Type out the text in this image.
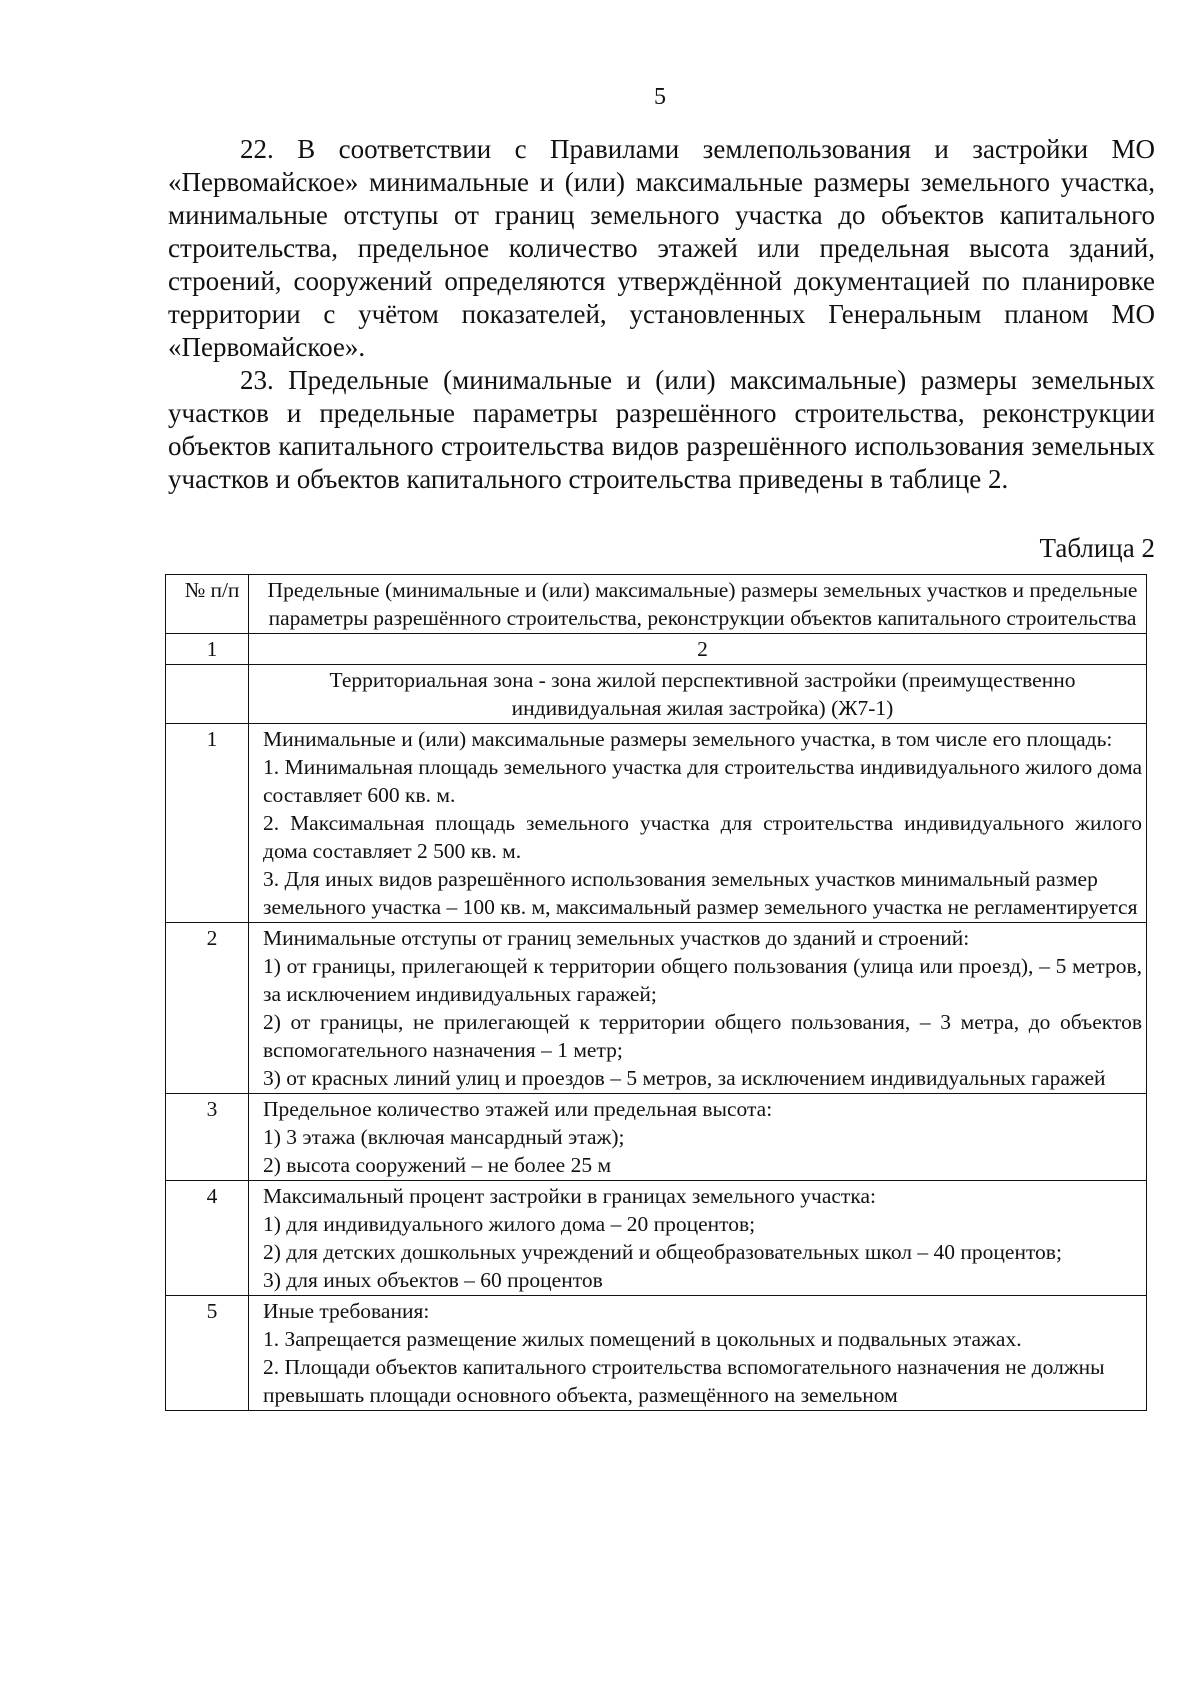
5

22. В соответствии с Правилами землепользования и застройки МО «Первомайское» минимальные и (или) максимальные размеры земельного участка, минимальные отступы от границ земельного участка до объектов капитального строительства, предельное количество этажей или предельная высота зданий, строений, сооружений определяются утверждённой документацией по планировке территории с учётом показателей, установленных Генеральным планом МО «Первомайское».

23. Предельные (минимальные и (или) максимальные) размеры земельных участков и предельные параметры разрешённого строительства, реконструкции объектов капитального строительства видов разрешённого использования земельных участков и объектов капитального строительства приведены в таблице 2.

Таблица 2
№ п/п	Предельные (минимальные и (или) максимальные) размеры земельных участков и предельные параметры разрешённого строительства, реконструкции объектов капитального строительства
1	2
	Территориальная зона - зона жилой перспективной застройки (преимущественно индивидуальная жилая застройка) (Ж7-1)
1	Минимальные и (или) максимальные размеры земельного участка, в том числе его площадь:
1. Минимальная площадь земельного участка для строительства индивидуального жилого дома составляет 600 кв. м.
2. Максимальная площадь земельного участка для строительства индивидуального жилого дома составляет 2 500 кв. м.
3. Для иных видов разрешённого использования земельных участков минимальный размер земельного участка – 100 кв. м, максимальный размер земельного участка не регламентируется

2	Минимальные отступы от границ земельных участков до зданий и строений:
1) от границы, прилегающей к территории общего пользования (улица или проезд), – 5 метров, за исключением индивидуальных гаражей;
2) от границы, не прилегающей к территории общего пользования, – 3 метра, до объектов вспомогательного назначения – 1 метр;
3) от красных линий улиц и проездов – 5 метров, за исключением индивидуальных гаражей

3	Предельное количество этажей или предельная высота:
1) 3 этажа (включая мансардный этаж);
2) высота сооружений – не более 25 м

4	Максимальный процент застройки в границах земельного участка:
1) для индивидуального жилого дома – 20 процентов;
2) для детских дошкольных учреждений и общеобразовательных школ – 40 процентов;
3) для иных объектов – 60 процентов

5	Иные требования:
1. Запрещается размещение жилых помещений в цокольных и подвальных этажах.
2. Площади объектов капитального строительства вспомогательного назначения не должны превышать площади основного объекта, размещённого на земельном
